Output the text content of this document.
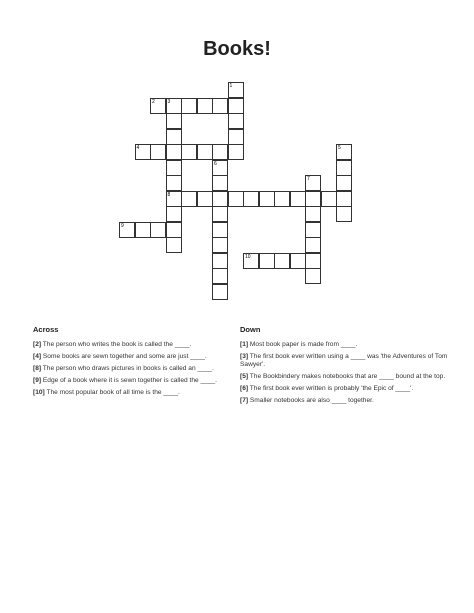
Books!
1
2	3
4	5
6
7
8
9
10
Across
[2] The person who writes the book is called the ____.
[4] Some books are sewn together and some are just ____.
[8] The person who draws pictures in books is called an ____.
[9] Edge of a book where it is sewn together is called the ____.
[10] The most popular book of all time is the ____.
Down
[1] Most book paper is made from ____.
[3] The first book ever written using a ____ was 'the Adventures of Tom Sawyer'.
[5] The Bookbindery makes notebooks that are ____ bound at the top.
[6] The first book ever written is probably 'the Epic of ____'.
[7] Smaller notebooks are also ____ together.
